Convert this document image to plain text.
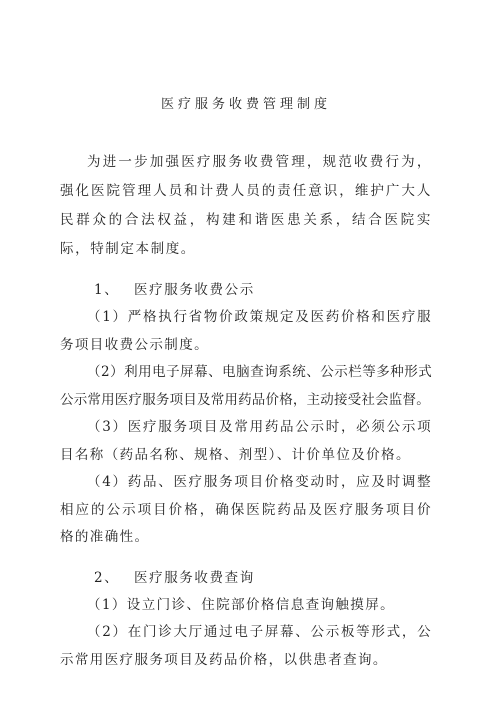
医疗服务收费管理制度

为进一步加强医疗服务收费管理，规范收费行为，强化医院管理人员和计费人员的责任意识，维护广大人民群众的合法权益，构建和谐医患关系，结合医院实际，特制定本制度。

1、 医疗服务收费公示

（1）严格执行省物价政策规定及医药价格和医疗服务项目收费公示制度。

（2）利用电子屏幕、电脑查询系统、公示栏等多种形式公示常用医疗服务项目及常用药品价格，主动接受社会监督。

（3）医疗服务项目及常用药品公示时，必须公示项目名称（药品名称、规格、剂型）、计价单位及价格。

（4）药品、医疗服务项目价格变动时，应及时调整相应的公示项目价格，确保医院药品及医疗服务项目价格的准确性。

2、 医疗服务收费查询

（1）设立门诊、住院部价格信息查询触摸屏。

（2）在门诊大厅通过电子屏幕、公示板等形式，公示常用医疗服务项目及药品价格，以供患者查询。
